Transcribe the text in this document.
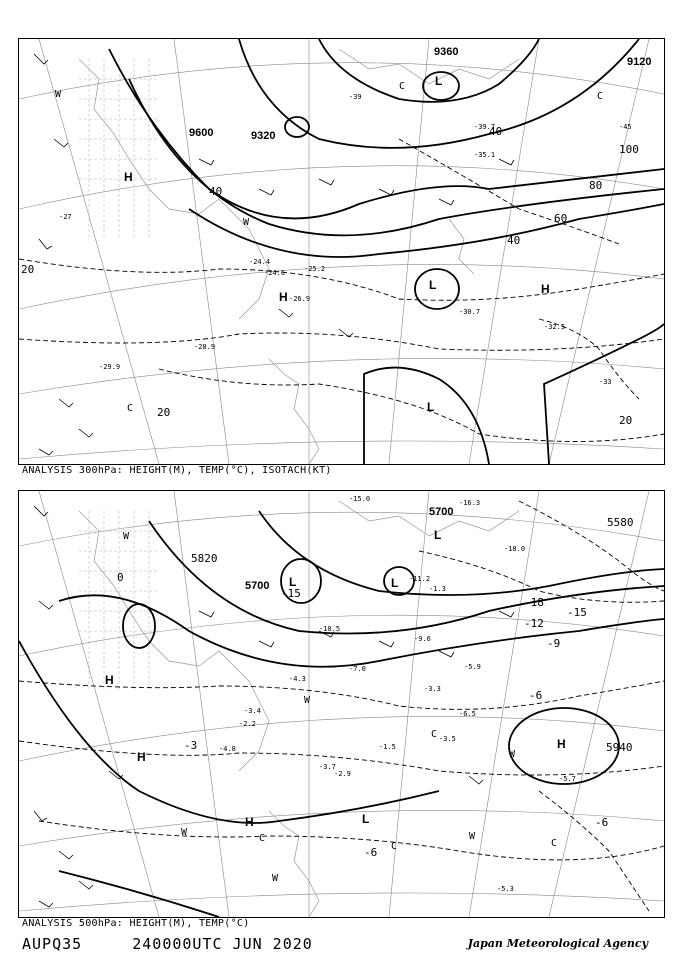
9360
9120
9600	9320
20
40
60
80
100
20
20
40
40
-24.4
-24.6	-25.2
-26.9
-28.9
-29.9
-30.7
-32.5
-35.1
-39.7
-27
-33
-39
-45
H
H
H
L
L
L
C
C
C
W
W
ANALYSIS 300hPa: HEIGHT(M), TEMP(°C), ISOTACH(KT)
5700
5700
5580
5820
5940
-3
-6
-6
-6
-9
-12
-15
-15
-18
0
-16.3
-18.0
-15.0
-11.2
-10.5
-9.6
-7.0
-4.3
-3.3
-5.9
-2.9
-1.5
-3.7
-5.3
-4.8
-6.5
-3.5
-5.7
-2.2
-3.4
-1.3
H
H
H
H
L	L
L
L
C
C	C
C
W
W	W
W
W
W
ANALYSIS 500hPa: HEIGHT(M), TEMP(°C)
AUPQ35	240000UTC JUN 2020	Japan Meteorological Agency
